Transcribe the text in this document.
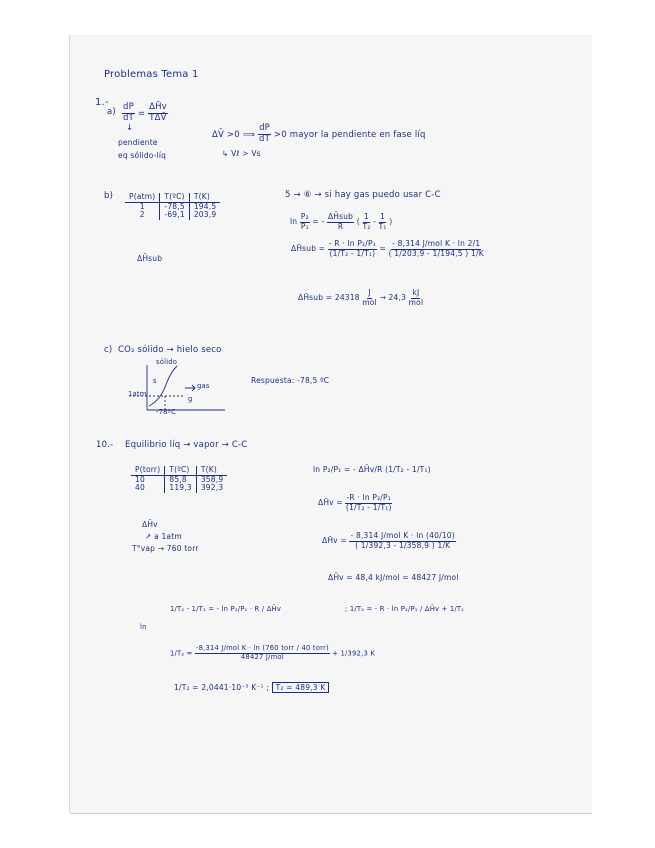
Problemas Tema 1
1.-
$a) \frac{dP}{dT} = \frac{\Delta H̄v}{\text{TΔV̄}}$
↓
pendiente
eq sólido-líq
ΔV̄ >0 ⟹ $\frac{dP}{dT} >0$ mayor la pendiente en fase líq
↳ Vℓ > Vs
b) P(atm)	T(ºC)	T(K)
1	-78,5	194,5
2	-69,1	203,9
ΔH̄sub
5 → ⑥ → si hay gas puedo usar C-C
$\ln \frac{\text{P₂}}{\text{P₁}}$ = - $\frac{\text{ΔH̄sub}}{R}$ ( $\frac{1}{\text{T₂}} - \frac{1}{\text{T₁}}$ )
ΔH̄sub = $\frac{\text{- R · ln P₂/P₁}}{\text{(1/T₂ - 1/T₁)}} = \frac{\text{- 8,314 J/mol K · ln 2/1}}{( 1/203,9 - 1/194,5 ) 1/K}$
ΔH̄sub = $24318 \frac{J}{\text{mol}} \to 24,3 \frac{kJ}{\text{mol}}$
c) CO₂ sólido → hielo seco
sólido
s
gas
g
1atm
-78ºC
Respuesta: -78,5 ºC
10.- Equilibrio líq → vapor → C-C
P(torr)	T(ºC)	T(K)
10	85,8	358,9
40	119,3	392,3
ΔH̄v
↗ a 1atm
T°vap → 760 torr
ln P₂/P₁ = - ΔH̄v/R (1/T₂ - 1/T₁)
ΔH̄v = $\frac{\text{-R · ln P₂/P₁}}{\text{(1/T₂ - 1/T₁)}}$
ΔH̄v = $\frac{\text{- 8,314 J/mol K · ln (40/10)}}{( 1/392,3 - 1/358,9 ) 1/K}$
ΔH̄v = 48,4 kJ/mol = 48427 J/mol
ln
1/T₂ - 1/T₁ = - ln P₂/P₁ · R / ΔH̄v	; 1/T₂ = - R · ln P₂/P₁ / ΔH̄v + 1/T₁
$1/T_2 = \frac{\text{-8,314 J/mol K · ln (760 torr / 40 torr)}}{\text{48427 J/mol}} + 1/392,3$ K
1/T₂ = 2,0441·10⁻³ K⁻¹ ; T₂ = 489,3 K
